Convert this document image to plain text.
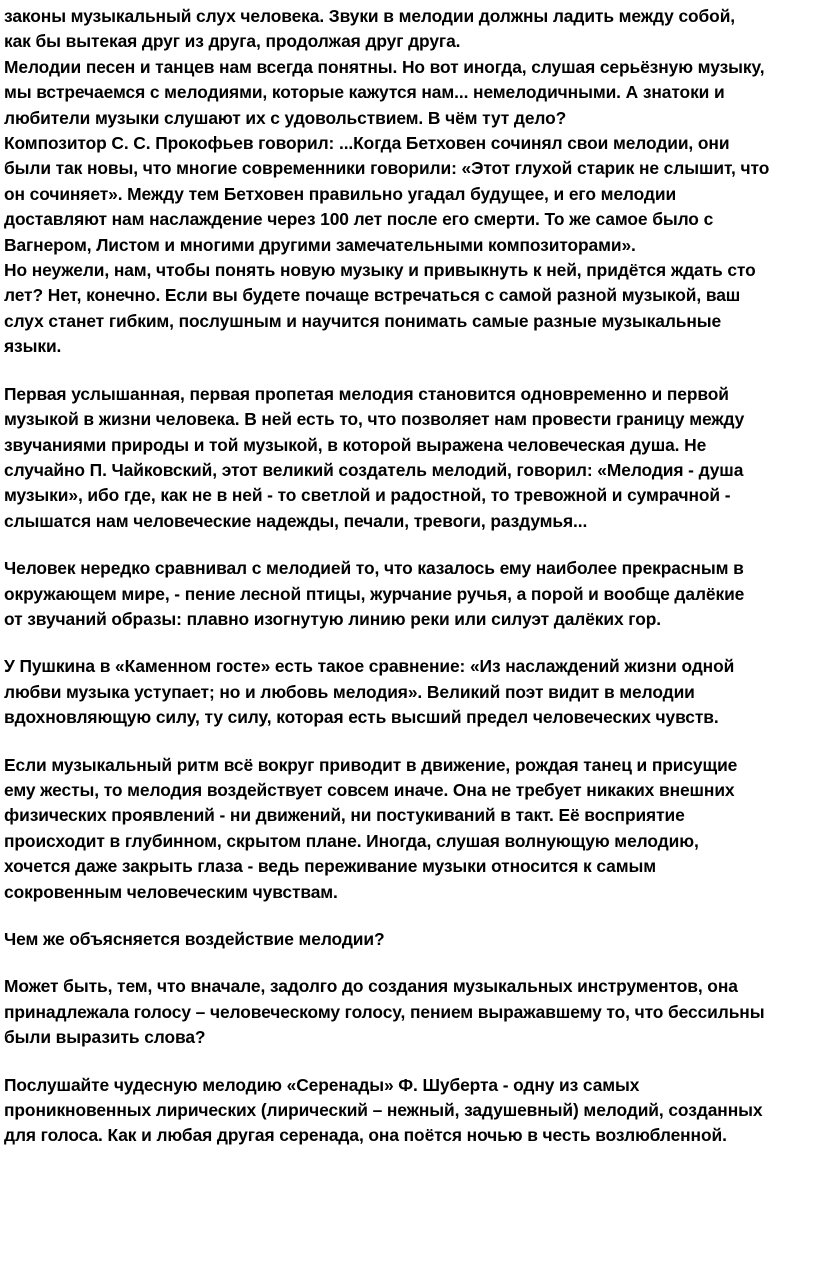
законы музыкальный слух человека. Звуки в мелодии должны ладить между собой,
как бы вытекая друг из друга, продолжая друг друга.
Мелодии песен и танцев нам всегда понятны. Но вот иногда, слушая серьёзную музыку,
мы встречаемся с мелодиями, которые кажутся нам... немелодичными. А знатоки и
любители музыки слушают их с удовольствием. В чём тут дело?
Композитор С. С. Прокофьев говорил: ...Когда Бетховен сочинял свои мелодии, они
были так новы, что многие современники говорили: «Этот глухой старик не слышит, что
он сочиняет». Между тем Бетховен правильно угадал будущее, и его мелодии
доставляют нам наслаждение через 100 лет после его смерти. То же самое было с
Вагнером, Листом и многими другими замечательными композиторами».
Но неужели, нам, чтобы понять новую музыку и привыкнуть к ней, придётся ждать сто
лет? Нет, конечно. Если вы будете почаще встречаться с самой разной музыкой, ваш
слух станет гибким, послушным и научится понимать самые разные музыкальные
языки.

Первая услышанная, первая пропетая мелодия становится одновременно и первой
музыкой в жизни человека. В ней есть то, что позволяет нам провести границу между
звучаниями природы и той музыкой, в которой выражена человеческая душа. Не
случайно П. Чайковский, этот великий создатель мелодий, говорил: «Мелодия - душа
музыки», ибо где, как не в ней - то светлой и радостной, то тревожной и сумрачной -
слышатся нам человеческие надежды, печали, тревоги, раздумья...

Человек нередко сравнивал с мелодией то, что казалось ему наиболее прекрасным в
окружающем мире, - пение лесной птицы, журчание ручья, а порой и вообще далёкие
от звучаний образы: плавно изогнутую линию реки или силуэт далёких гор.

У Пушкина в «Каменном госте» есть такое сравнение: «Из наслаждений жизни одной
любви музыка уступает; но и любовь мелодия». Великий поэт видит в мелодии
вдохновляющую силу, ту силу, которая есть высший предел человеческих чувств.

Если музыкальный ритм всё вокруг приводит в движение, рождая танец и присущие
ему жесты, то мелодия воздействует совсем иначе. Она не требует никаких внешних
физических проявлений - ни движений, ни постукиваний в такт. Её восприятие
происходит в глубинном, скрытом плане. Иногда, слушая волнующую мелодию,
хочется даже закрыть глаза - ведь переживание музыки относится к самым
сокровенным человеческим чувствам.

Чем же объясняется воздействие мелодии?

Может быть, тем, что вначале, задолго до создания музыкальных инструментов, она
принадлежала голосу – человеческому голосу, пением выражавшему то, что бессильны
были выразить слова?

Послушайте чудесную мелодию «Серенады» Ф. Шуберта - одну из самых
проникновенных лирических (лирический – нежный, задушевный) мелодий, созданных
для голоса. Как и любая другая серенада, она поётся ночью в честь возлюбленной.
